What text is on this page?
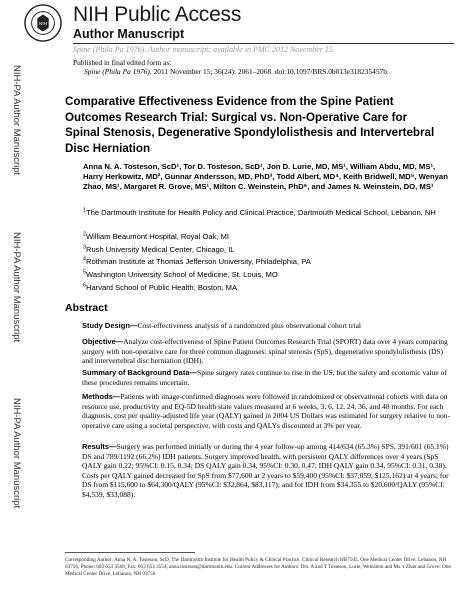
NIH NIH Public Access
Author Manuscript
Spine (Phila Pa 1976). Author manuscript; available in PMC 2012 November 15.
NIH-PA Author Manuscript
NIH-PA Author Manuscript
NIH-PA Author Manuscript
Published in final edited form as:
Spine (Phila Pa 1976). 2011 November 15; 36(24): 2061–2068. doi:10.1097/BRS.0b013e318235457b.
Comparative Effectiveness Evidence from the Spine Patient Outcomes Research Trial: Surgical vs. Non-Operative Care for Spinal Stenosis, Degenerative Spondylolisthesis and Intervertebral Disc Herniation
Anna N. A. Tosteson, ScD¹, Tor D. Tosteson, ScD¹, Jon D. Lurie, MD, MS¹, William Abdu, MD, MS¹, Harry Herkowitz, MD², Gunnar Andersson, MD, PhD³, Todd Albert, MD⁴, Keith Bridwell, MD⁵, Wenyan Zhao, MS¹, Margaret R. Grove, MS¹, Milton C. Weinstein, PhD⁶, and James N. Weinstein, DO, MS¹
$^1$The Dartmouth Institute for Health Policy and Clinical Practice, Dartmouth Medical School, Lebanon, NH
$^2$William Beaumont Hospital, Royal Oak, MI
$^3$Rush University Medical Center, Chicago, IL
$^4$Rothman Institute at Thomas Jefferson University, Philadelphia, PA
$^5$Washington University School of Medicine, St. Louis, MO
$^6$Harvard School of Public Health, Boston, MA
Abstract
Study Design—Cost-effectiveness analysis of a randomized plus observational cohort trial
Objective—Analyze cost-effectiveness of Spine Patient Outcomes Research Trial (SPORT) data over 4 years comparing surgery with non-operative care for three common diagnoses: spinal stenosis (SpS), degenerative spondylolisthesis (DS) and intervertebral disc herniation (IDH).
Summary of Background Data—Spine surgery rates continue to rise in the US, but the safety and economic value of these procedures remains uncertain.
Methods—Patients with image-confirmed diagnoses were followed in randomized or observational cohorts with data on resource use, productivity and EQ-5D health state values measured at 6 weeks, 3, 6, 12, 24, 36, and 48 months. For each diagnosis, cost per quality-adjusted life year (QALY) gained in 2004 US Dollars was estimated for surgery relative to non-operative care using a societal perspective, with costs and QALYs discounted at 3% per year.
Results—Surgery was performed initially or during the 4 year follow-up among 414/634 (65.3%) SPS, 391/601 (65.1%) DS and 789/1192 (66.2%) IDH patients. Surgery improved health, with persistent QALY differences over 4 years (SpS QALY gain 0.22; 95%CI: 0.15, 0.34; DS QALY gain 0.34, 95%CI: 0.30, 0.47; IDH QALY gain 0.34, 95%CI: 0.31, 0.38). Costs per QALY gained decreased for SpS from $77,600 at 2 years to $59,400 (95%CI: $37,059, $125,162) at 4 years; for DS from $115,600 to $64,300/QALY (95%CI: $32,864, $83,117); and for IDH from $34,355 to $20,600/QALY (95%CI: $4,539, $33,088).
Corresponding Author: Anna N. A. Tosteson, ScD, The Dartmouth Institute for Health Policy & Clinical Practice, Clinical Research HB7505, One Medical Center Drive, Lebanon, NH 03756, Phone: 603 653 3568, Fax: 603 653 3554, anna.tosteson@dartmouth.edu. Current Addresses for Authors: Drs. A and T Tosteson, Lurie, Weinstein and Ms.'s Zhao and Grove: One Medical Center Drive, Lebanon, NH 03756
